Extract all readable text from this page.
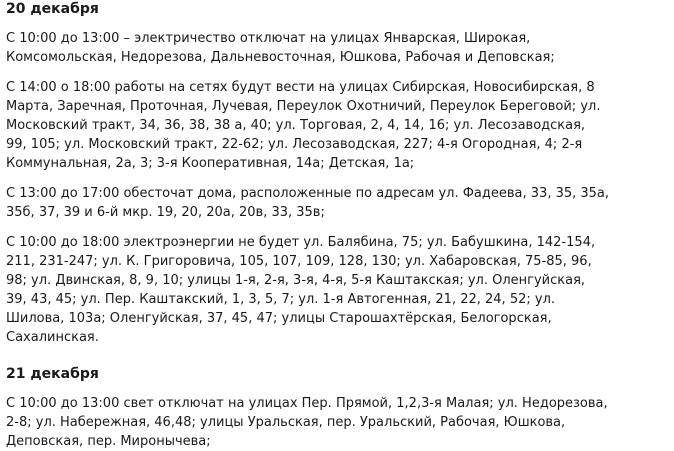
20 декабря

С 10:00 до 13:00 – электричество отключат на улицах Январская, Широкая,
Комсомольская, Недорезова, Дальневосточная, Юшкова, Рабочая и Деповская;

С 14:00 о 18:00 работы на сетях будут вести на улицах Сибирская, Новосибирская, 8
Марта, Заречная, Проточная, Лучевая, Переулок Охотничий, Переулок Береговой; ул.
Московский тракт, 34, 36, 38, 38 а, 40; ул. Торговая, 2, 4, 14, 16; ул. Лесозаводская,
99, 105; ул. Московский тракт, 22-62; ул. Лесозаводская, 227; 4-я Огородная, 4; 2-я
Коммунальная, 2а, 3; 3-я Кооперативная, 14а; Детская, 1а;

С 13:00 до 17:00 обесточат дома, расположенные по адресам ул. Фадеева, 33, 35, 35а,
35б, 37, 39 и 6-й мкр. 19, 20, 20а, 20в, 33, 35в;

С 10:00 до 18:00 электроэнергии не будет ул. Балябина, 75; ул. Бабушкина, 142-154,
211, 231-247; ул. К. Григоровича, 105, 107, 109, 128, 130; ул. Хабаровская, 75-85, 96,
98; ул. Двинская, 8, 9, 10; улицы 1-я, 2-я, 3-я, 4-я, 5-я Каштакская; ул. Оленгуйская,
39, 43, 45; ул. Пер. Каштакский, 1, 3, 5, 7; ул. 1-я Автогенная, 21, 22, 24, 52; ул.
Шилова, 103а; Оленгуйская, 37, 45, 47; улицы Старошахтёрская, Белогорская,
Сахалинская.

21 декабря

С 10:00 до 13:00 свет отключат на улицах Пер. Прямой, 1,2,3-я Малая; ул. Недорезова,
2-8; ул. Набережная, 46,48; улицы Уральская, пер. Уральский, Рабочая, Юшкова,
Деповская, пер. Миронычева;
